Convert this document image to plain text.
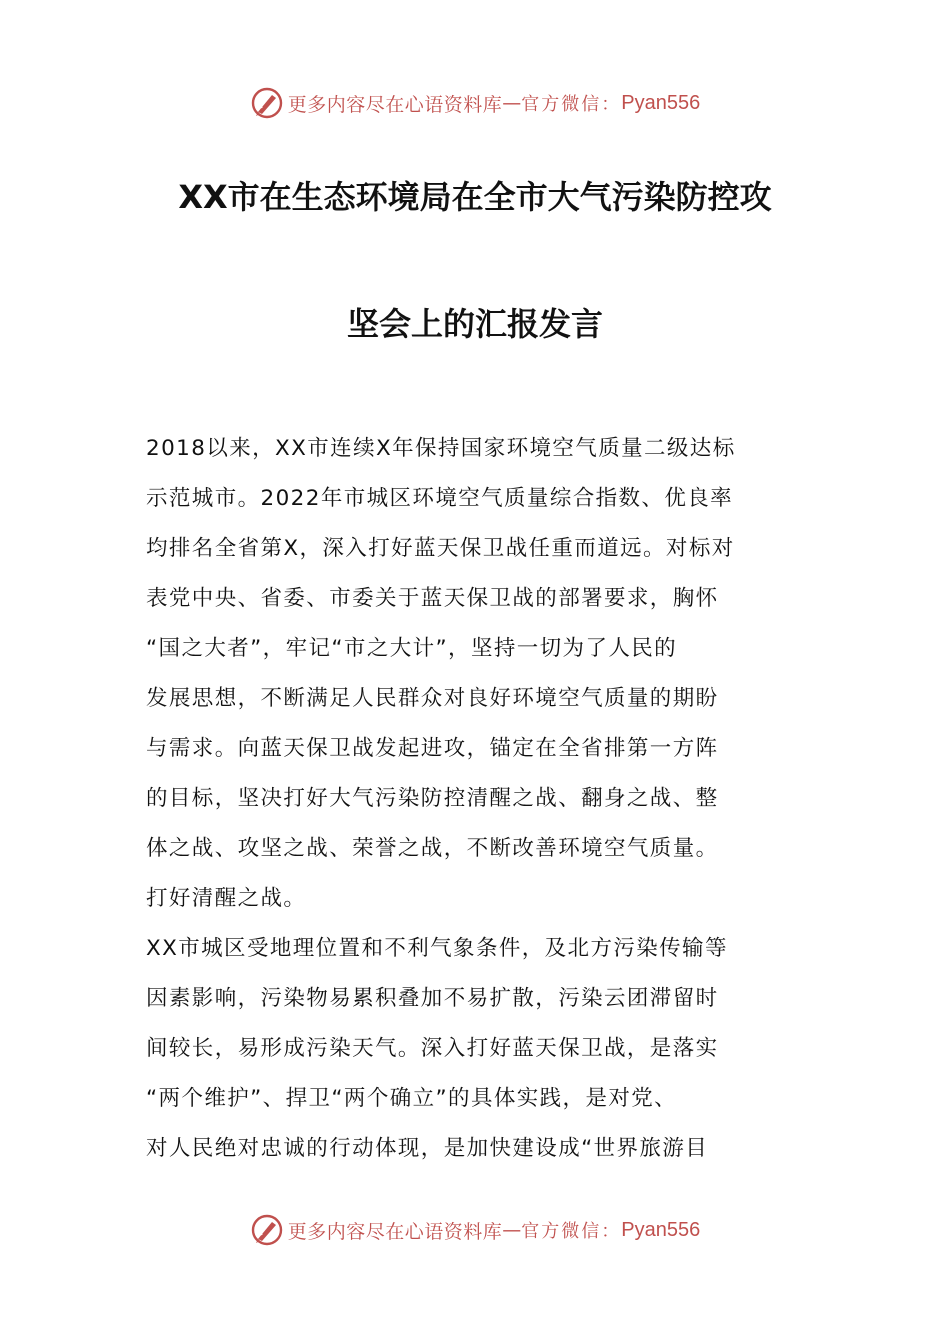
更多内容尽在心语资料库 — 官方微信： Pyan556
XX市在生态环境局在全市大气污染防控攻
坚会上的汇报发言
2018以来，XX市连续X年保持国家环境空气质量二级达标
示范城市。2022年市城区环境空气质量综合指数、优良率
均排名全省第X，深入打好蓝天保卫战任重而道远。对标对
表党中央、省委、市委关于蓝天保卫战的部署要求，胸怀
“国之大者”，牢记“市之大计”，坚持一切为了人民的
发展思想，不断满足人民群众对良好环境空气质量的期盼
与需求。向蓝天保卫战发起进攻，锚定在全省排第一方阵
的目标，坚决打好大气污染防控清醒之战、翻身之战、整
体之战、攻坚之战、荣誉之战，不断改善环境空气质量。
打好清醒之战。
XX市城区受地理位置和不利气象条件，及北方污染传输等
因素影响，污染物易累积叠加不易扩散，污染云团滞留时
间较长，易形成污染天气。深入打好蓝天保卫战，是落实
“两个维护”、捍卫“两个确立”的具体实践，是对党、
对人民绝对忠诚的行动体现，是加快建设成“世界旅游目
更多内容尽在心语资料库 — 官方微信： Pyan556
